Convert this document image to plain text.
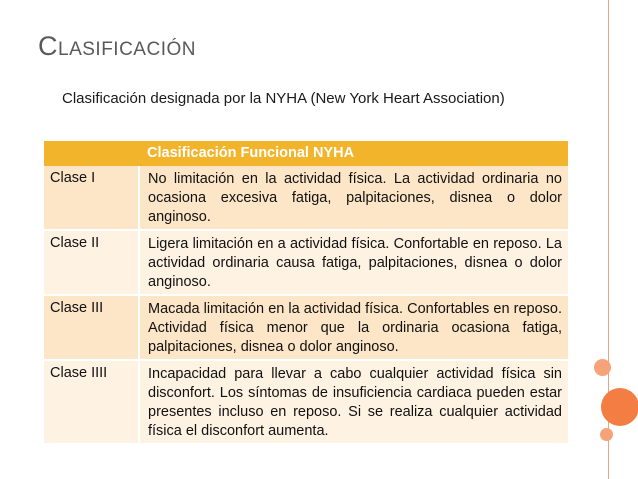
Clasificación
Clasificación designada por la NYHA (New York Heart Association)
	Clasificación Funcional NYHA
Clase I	No limitación en la actividad física. La actividad ordinaria no ocasiona excesiva fatiga, palpitaciones, disnea o dolor anginoso.
Clase II	Ligera limitación en a actividad física. Confortable en reposo. La actividad ordinaria causa fatiga, palpitaciones, disnea o dolor anginoso.
Clase III	Macada limitación en la actividad física. Confortables en reposo. Actividad física menor que la ordinaria ocasiona fatiga, palpitaciones, disnea o dolor anginoso.
Clase IIII	Incapacidad para llevar a cabo cualquier actividad física sin disconfort. Los síntomas de insuficiencia cardiaca pueden estar presentes incluso en reposo. Si se realiza cualquier actividad física el disconfort aumenta.
